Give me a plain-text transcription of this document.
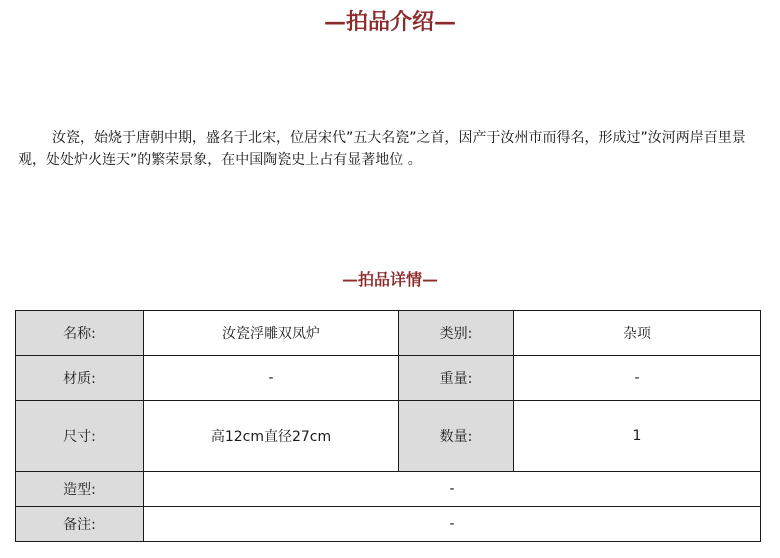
—拍品介绍—
汝瓷，始烧于唐朝中期，盛名于北宋，位居宋代”五大名瓷”之首，因产于汝州市而得名，形成过”汝河两岸百里景观，处处炉火连天”的繁荣景象，在中国陶瓷史上占有显著地位 。
—拍品详情—
名称:	汝瓷浮雕双凤炉	类别:	杂项
材质:	-	重量:	-
尺寸:	高12cm直径27cm	数量:	1
造型:	-		
备注:	-		
